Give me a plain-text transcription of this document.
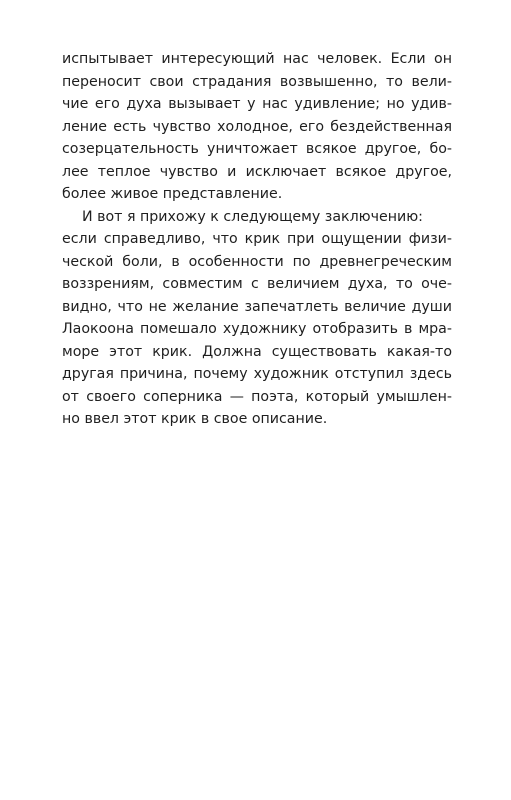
испытывает интересующий нас человек. Если он
переносит свои страдания возвышенно, то вели-
чие его духа вызывает у нас удивление; но удив-
ление есть чувство холодное, его бездейственная
созерцательность уничтожает всякое другое, бо-
лее теплое чувство и исключает всякое другое,
более живое представление.
И вот я прихожу к следующему заключению:
если справедливо, что крик при ощущении физи-
ческой боли, в особенности по древнегреческим
воззрениям, совместим с величием духа, то оче-
видно, что не желание запечатлеть величие души
Лаокоона помешало художнику отобразить в мра-
море этот крик. Должна существовать какая-то
другая причина, почему художник отступил здесь
от своего соперника — поэта, который умышлен-
но ввел этот крик в свое описание.
